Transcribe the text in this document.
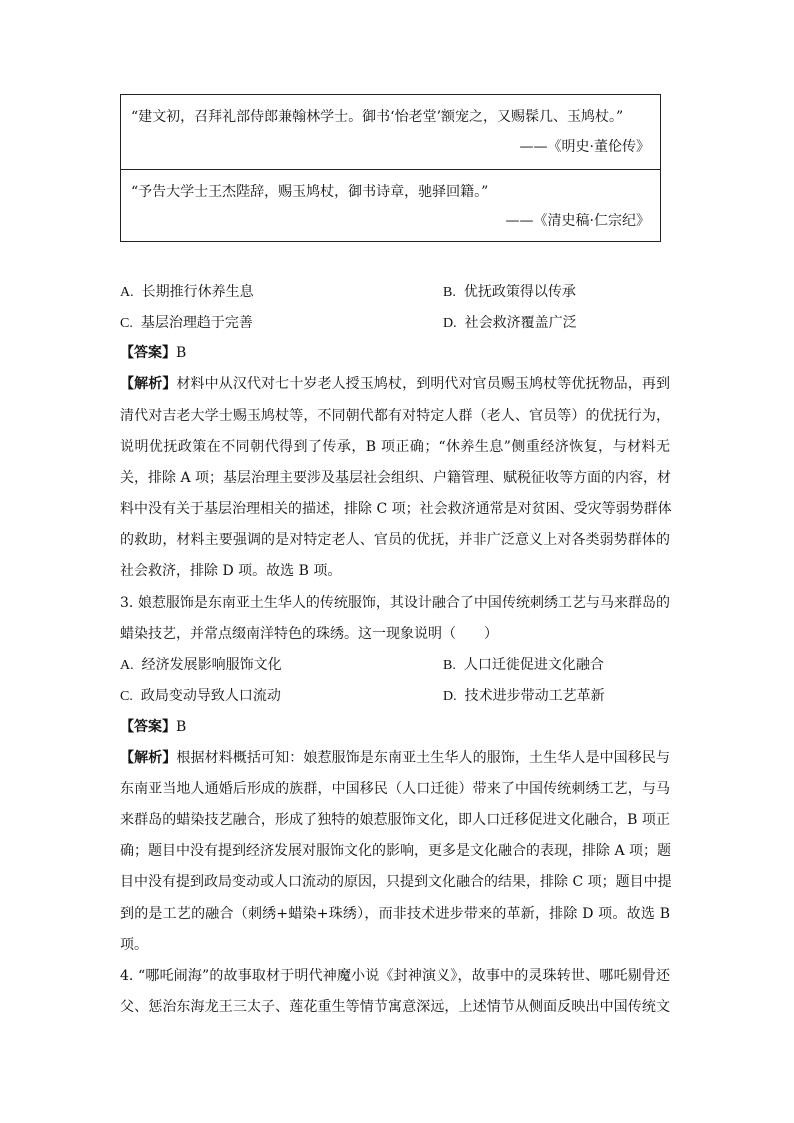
“建文初，召拜礼部侍郎兼翰林学士。御书‘怡老堂’额宠之，又赐髹几、玉鸠杖。”
——《明史·董伦传》
“予告大学士王杰陛辞，赐玉鸠杖，御书诗章，驰驿回籍。”
——《清史稿·仁宗纪》
A. 长期推行休养生息	B. 优抚政策得以传承
C. 基层治理趋于完善	D. 社会救济覆盖广泛
【答案】B
【解析】材料中从汉代对七十岁老人授玉鸠杖，到明代对官员赐玉鸠杖等优抚物品，再到
清代对吉老大学士赐玉鸠杖等，不同朝代都有对特定人群（老人、官员等）的优抚行为，
说明优抚政策在不同朝代得到了传承，B 项正确；“休养生息”侧重经济恢复，与材料无
关，排除 A 项；基层治理主要涉及基层社会组织、户籍管理、赋税征收等方面的内容，材
料中没有关于基层治理相关的描述，排除 C 项；社会救济通常是对贫困、受灾等弱势群体
的救助，材料主要强调的是对特定老人、官员的优抚，并非广泛意义上对各类弱势群体的
社会救济，排除 D 项。故选 B 项。
3. 娘惹服饰是东南亚土生华人的传统服饰，其设计融合了中国传统刺绣工艺与马来群岛的
蜡染技艺，并常点缀南洋特色的珠绣。这一现象说明（　　）
A. 经济发展影响服饰文化	B. 人口迁徙促进文化融合
C. 政局变动导致人口流动	D. 技术进步带动工艺革新
【答案】B
【解析】根据材料概括可知：娘惹服饰是东南亚土生华人的服饰，土生华人是中国移民与
东南亚当地人通婚后形成的族群，中国移民（人口迁徙）带来了中国传统刺绣工艺，与马
来群岛的蜡染技艺融合，形成了独特的娘惹服饰文化，即人口迁移促进文化融合，B 项正
确；题目中没有提到经济发展对服饰文化的影响，更多是文化融合的表现，排除 A 项；题
目中没有提到政局变动或人口流动的原因，只提到文化融合的结果，排除 C 项；题目中提
到的是工艺的融合（刺绣+蜡染+珠绣），而非技术进步带来的革新，排除 D 项。故选 B
项。
4. “哪吒闹海”的故事取材于明代神魔小说《封神演义》，故事中的灵珠转世、哪吒剔骨还
父、惩治东海龙王三太子、莲花重生等情节寓意深远，上述情节从侧面反映出中国传统文
